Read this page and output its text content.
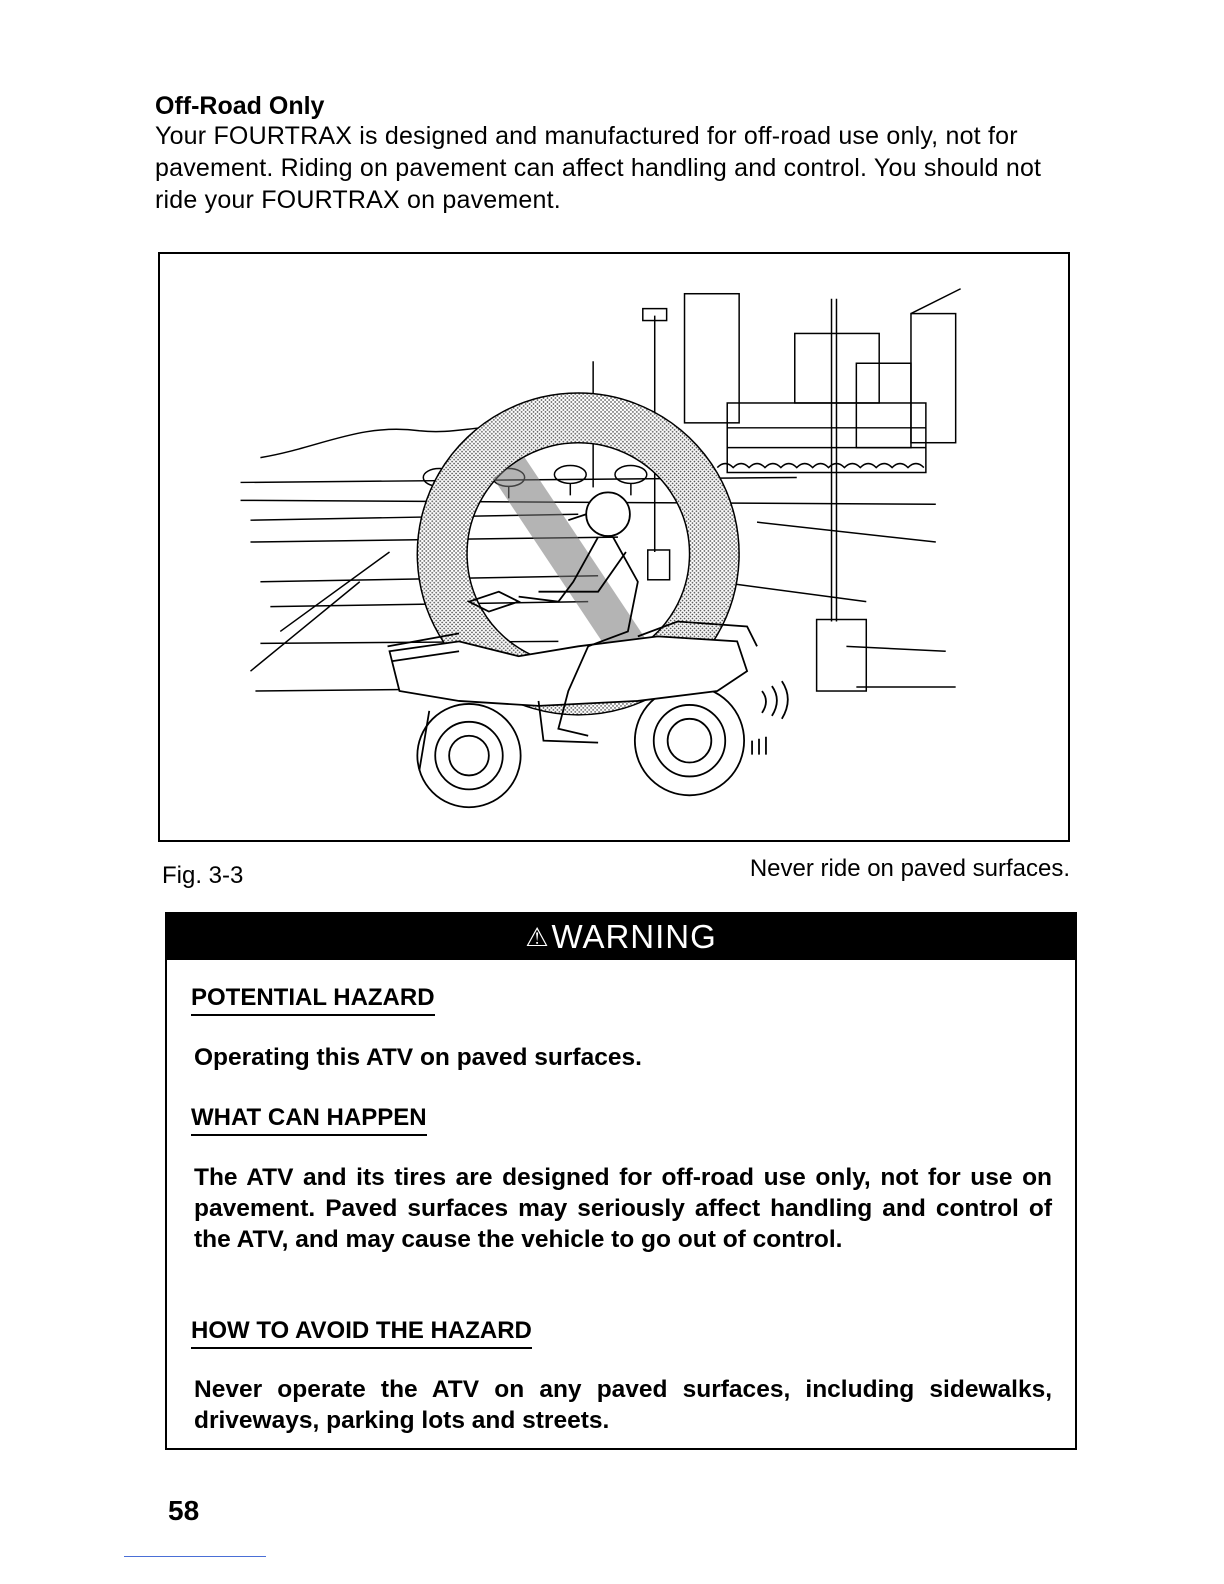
Off-Road Only

Your FOURTRAX is designed and manufactured for off-road use only, not for pavement. Riding on pavement can affect handling and control. You should not ride your FOURTRAX on pavement.

Fig. 3-3	Never ride on paved surfaces.
⚠ WARNING
POTENTIAL HAZARD

Operating this ATV on paved surfaces.

WHAT CAN HAPPEN

The ATV and its tires are designed for off-road use only, not for use on pavement. Paved surfaces may seriously affect handling and control of the ATV, and may cause the vehicle to go out of control.

HOW TO AVOID THE HAZARD

Never operate the ATV on any paved surfaces, including sidewalks, driveways, parking lots and streets.

58
